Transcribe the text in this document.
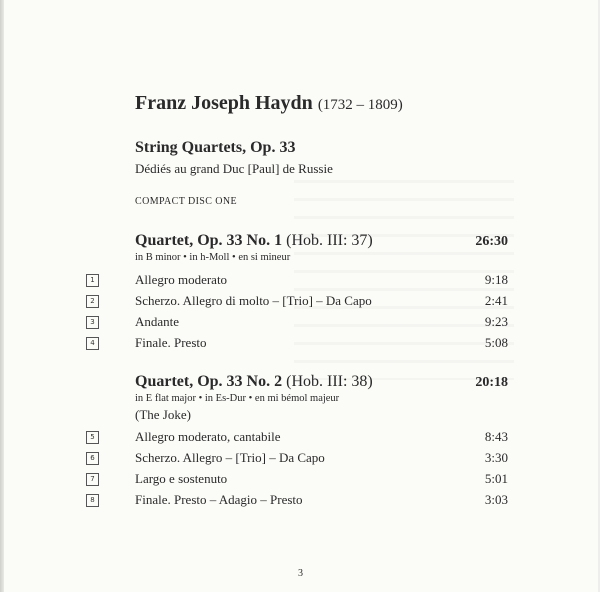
Franz Joseph Haydn (1732 – 1809)
String Quartets, Op. 33
Dédiés au grand Duc [Paul] de Russie
COMPACT DISC ONE
Quartet, Op. 33 No. 1 (Hob. III: 37)	26:30
in B minor • in h-Moll • en si mineur
1	Allegro moderato	9:18
2	Scherzo. Allegro di molto – [Trio] – Da Capo	2:41
3	Andante	9:23
4	Finale. Presto	5:08
Quartet, Op. 33 No. 2 (Hob. III: 38)	20:18
in E flat major • in Es-Dur • en mi bémol majeur
(The Joke)
5	Allegro moderato, cantabile	8:43
6	Scherzo. Allegro – [Trio] – Da Capo	3:30
7	Largo e sostenuto	5:01
8	Finale. Presto – Adagio – Presto	3:03
3
